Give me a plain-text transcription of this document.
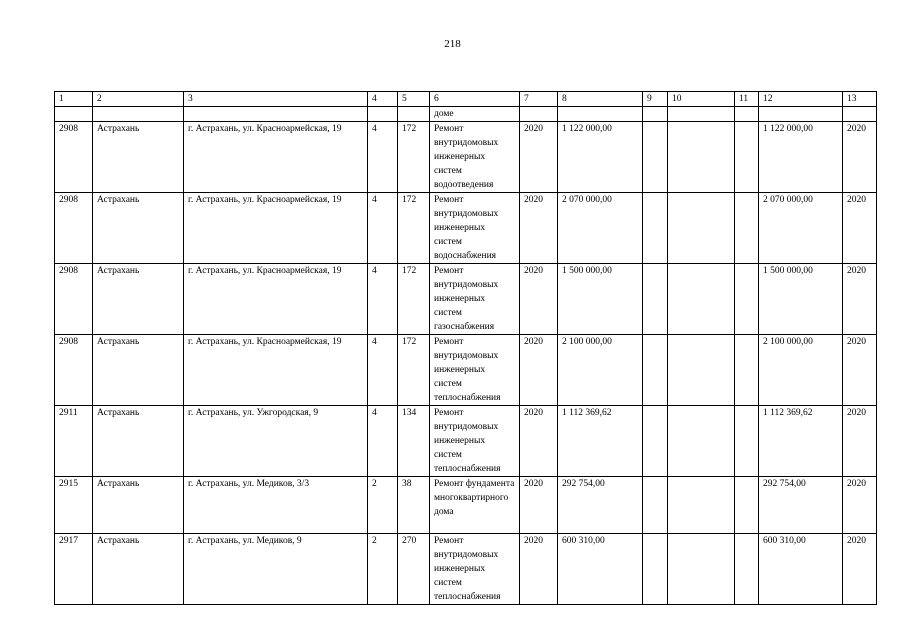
218
1	2	3	4	5	6	7	8	9	10	11	12	13
					доме							
2908	Астрахань	г. Астрахань, ул. Красноармейская, 19	4	172	Ремонт внутридомовых инженерных систем водоотведения	2020	1 122 000,00				1 122 000,00	2020
2908	Астрахань	г. Астрахань, ул. Красноармейская, 19	4	172	Ремонт внутридомовых инженерных систем водоснабжения	2020	2 070 000,00				2 070 000,00	2020
2908	Астрахань	г. Астрахань, ул. Красноармейская, 19	4	172	Ремонт внутридомовых инженерных систем газоснабжения	2020	1 500 000,00				1 500 000,00	2020
2908	Астрахань	г. Астрахань, ул. Красноармейская, 19	4	172	Ремонт внутридомовых инженерных систем теплоснабжения	2020	2 100 000,00				2 100 000,00	2020
2911	Астрахань	г. Астрахань, ул. Ужгородская, 9	4	134	Ремонт внутридомовых инженерных систем теплоснабжения	2020	1 112 369,62				1 112 369,62	2020
2915	Астрахань	г. Астрахань, ул. Медиков, 3/3	2	38	Ремонт фундамента многоквартирного дома	2020	292 754,00				292 754,00	2020
2917	Астрахань	г. Астрахань, ул. Медиков, 9	2	270	Ремонт внутридомовых инженерных систем теплоснабжения	2020	600 310,00				600 310,00	2020
